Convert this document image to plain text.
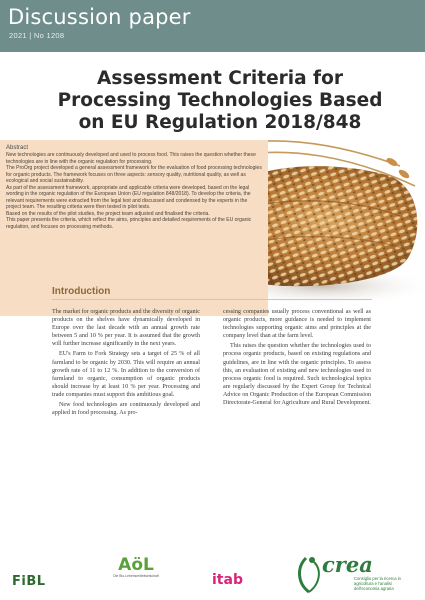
Discussion paper
2021 | No 1208
Assessment Criteria for Processing Technologies Based on EU Regulation 2018/848
Abstract

New technologies are continuously developed and used to process food. This raises the question whether these technologies are in line with the organic regulation for processing.

The ProOrg project developed a general assessment framework for the evaluation of food processing technologies for organic products. The framework focuses on three aspects: sensory quality, nutritional quality, as well as ecological and social sustainability.

As part of the assessment framework, appropriate and applicable criteria were developed, based on the legal wording in the organic regulation of the European Union (EU regulation 848/2018). To develop the criteria, the relevant requirements were extracted from the legal text and discussed and condensed by the experts in the project team. The resulting criteria were then tested in pilot tests.

Based on the results of the pilot studies, the project team adjusted and finalised the criteria.

This paper presents the criteria, which reflect the aims, principles and detailed requirements of the EU organic regulation, and focuses on processing methods.

Introduction

The market for organic products and the diversity of organic products on the shelves have dynamically developed in Europe over the last decade with an annual growth rate between 5 and 10 % per year. It is assumed that the growth will further increase significantly in the next years.

EU's Farm to Fork Strategy sets a target of 25 % of all farmland to be organic by 2030. This will require an annual growth rate of 11 to 12 %. In addition to the conversion of farmland to organic, consumption of organic products should increase by at least 10 % per year. Processing and trade companies must support this ambitious goal.

New food technologies are continuously developed and applied in food processing. As pro-

cessing companies usually process conventional as well as organic products, more guidance is needed to implement technologies supporting organic aims and principles at the company level than at the farm level.

This raises the question whether the technologies used to process organic products, based on existing regulations and guidelines, are in line with the organic principles. To assess this, an evaluation of existing and new technologies used to process organic food is required. Such technological topics are regularly discussed by the Expert Group for Technical Advice on Organic Production of the European Commission Directorate-General for Agriculture and Rural Development.

FiBL
AöL
Die Bio-Lebensmittelwirtschaft	itab
crea
Consiglio per la ricerca in agricoltura e l'analisi dell'economia agraria
